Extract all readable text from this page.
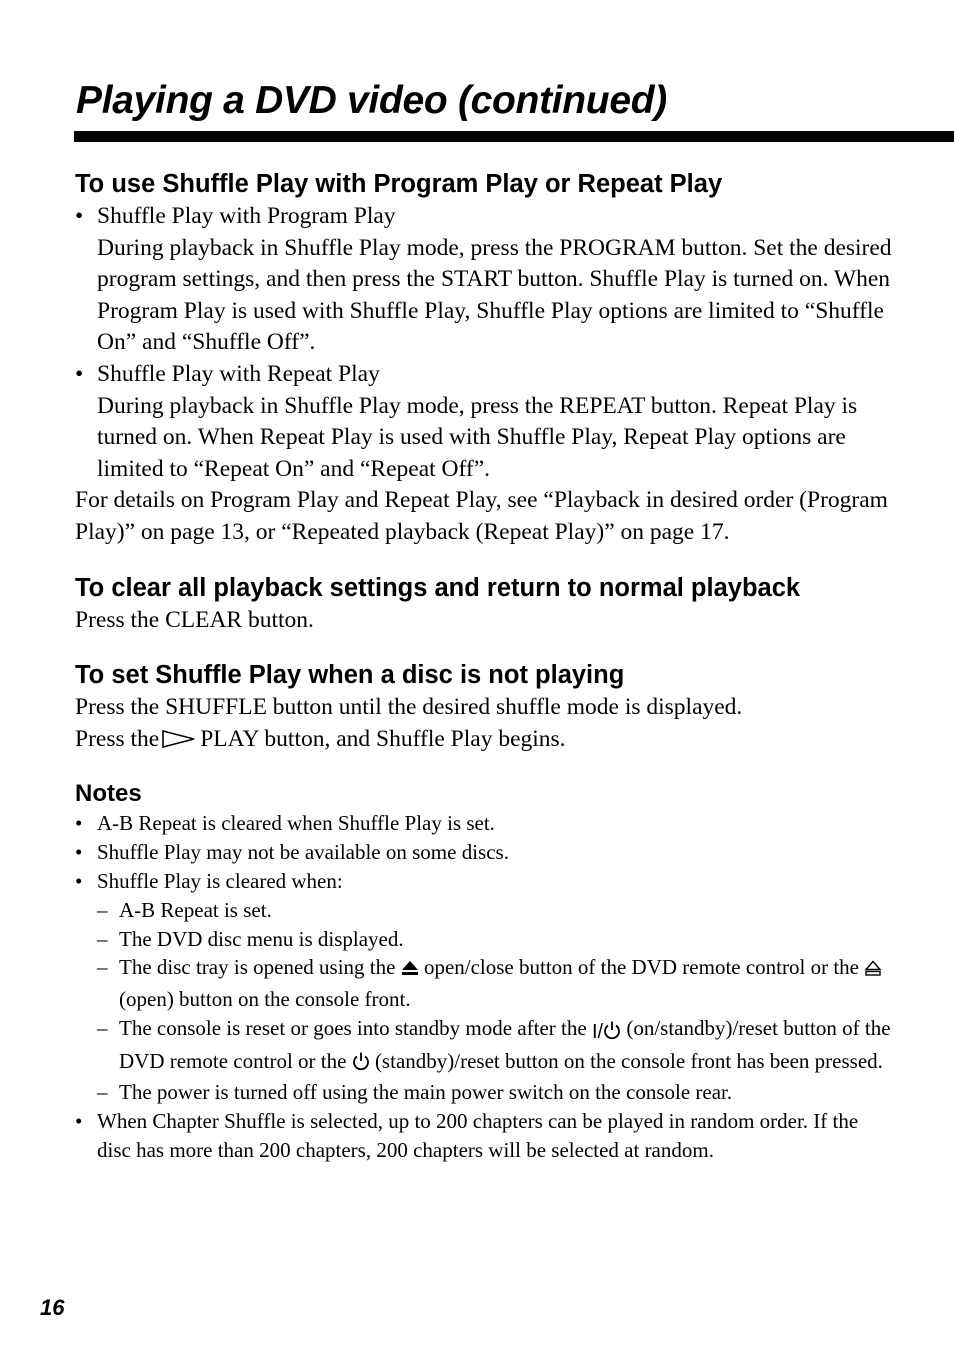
Playing a DVD video (continued)
To use Shuffle Play with Program Play or Repeat Play

• Shuffle Play with Program Play

During playback in Shuffle Play mode, press the PROGRAM button. Set the desired program settings, and then press the START button. Shuffle Play is turned on. When Program Play is used with Shuffle Play, Shuffle Play options are limited to “Shuffle On” and “Shuffle Off”.

• Shuffle Play with Repeat Play

During playback in Shuffle Play mode, press the REPEAT button. Repeat Play is turned on. When Repeat Play is used with Shuffle Play, Repeat Play options are limited to “Repeat On” and “Repeat Off”.

For details on Program Play and Repeat Play, see “Playback in desired order (Program Play)” on page 13, or “Repeated playback (Repeat Play)” on page 17.

To clear all playback settings and return to normal playback

Press the CLEAR button.

To set Shuffle Play when a disc is not playing

Press the SHUFFLE button until the desired shuffle mode is displayed.

Press the PLAY button, and Shuffle Play begins.

Notes
• A-B Repeat is cleared when Shuffle Play is set.
• Shuffle Play may not be available on some discs.
• Shuffle Play is cleared when:
– A-B Repeat is set.
– The DVD disc menu is displayed.
– The disc tray is opened using the open/close button of the DVD remote control or the  (open) button on the console front.
– The console is reset or goes into standby mode after the I/ (on/standby)/reset button of the DVD remote control or the (standby)/reset button on the console front has been pressed.
– The power is turned off using the main power switch on the console rear.
• When Chapter Shuffle is selected, up to 200 chapters can be played in random order. If the disc has more than 200 chapters, 200 chapters will be selected at random.
16
